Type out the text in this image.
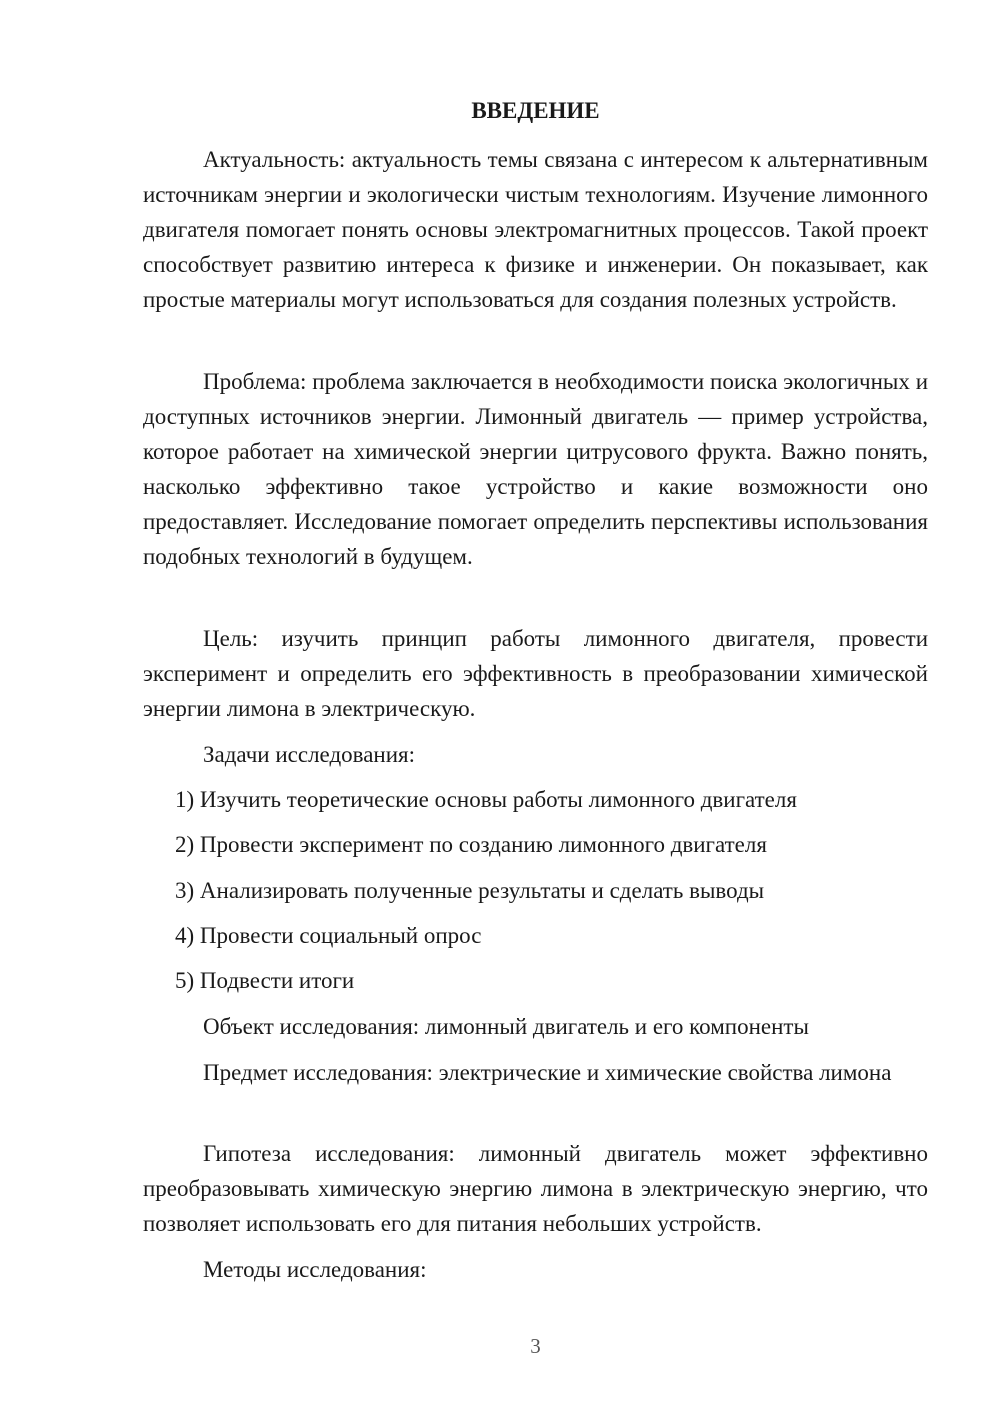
ВВЕДЕНИЕ
Актуальность: актуальность темы связана с интересом к альтернативным источникам энергии и экологически чистым технологиям. Изучение лимонного двигателя помогает понять основы электромагнитных процессов. Такой проект способствует развитию интереса к физике и инженерии. Он показывает, как простые материалы могут использоваться для создания полезных устройств.
Проблема: проблема заключается в необходимости поиска экологичных и доступных источников энергии. Лимонный двигатель — пример устройства, которое работает на химической энергии цитрусового фрукта. Важно понять, насколько эффективно такое устройство и какие возможности оно предоставляет. Исследование помогает определить перспективы использования подобных технологий в будущем.
Цель: изучить принцип работы лимонного двигателя, провести эксперимент и определить его эффективность в преобразовании химической энергии лимона в электрическую.
Задачи исследования:
1) Изучить теоретические основы работы лимонного двигателя
2) Провести эксперимент по созданию лимонного двигателя
3) Анализировать полученные результаты и сделать выводы
4) Провести социальный опрос
5) Подвести итоги
Объект исследования: лимонный двигатель и его компоненты
Предмет исследования: электрические и химические свойства лимона
Гипотеза исследования: лимонный двигатель может эффективно преобразовывать химическую энергию лимона в электрическую энергию, что позволяет использовать его для питания небольших устройств.
Методы исследования:
3
